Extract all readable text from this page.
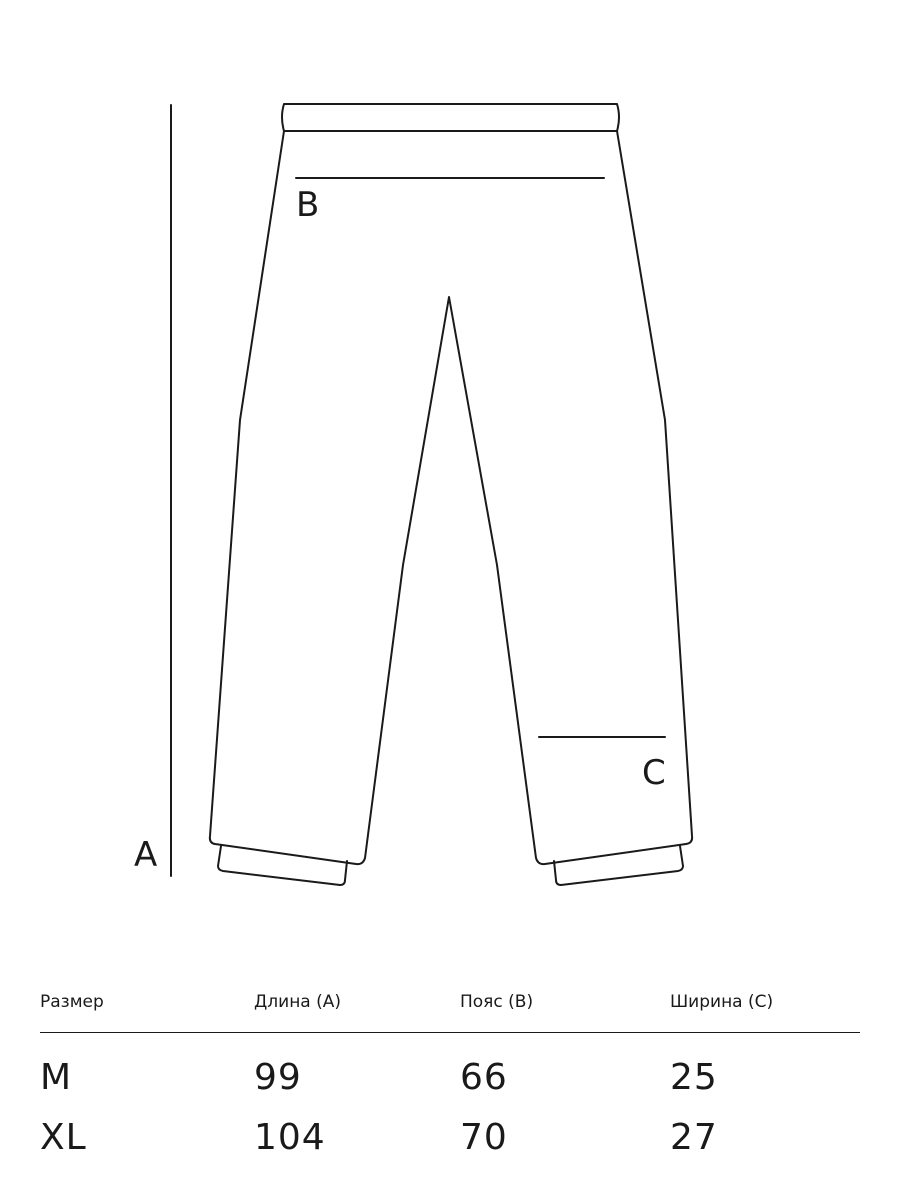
A
B
C
Размер	Длина (A)	Пояс (B)	Ширина (C)
M	99	66	25
XL	104	70	27
